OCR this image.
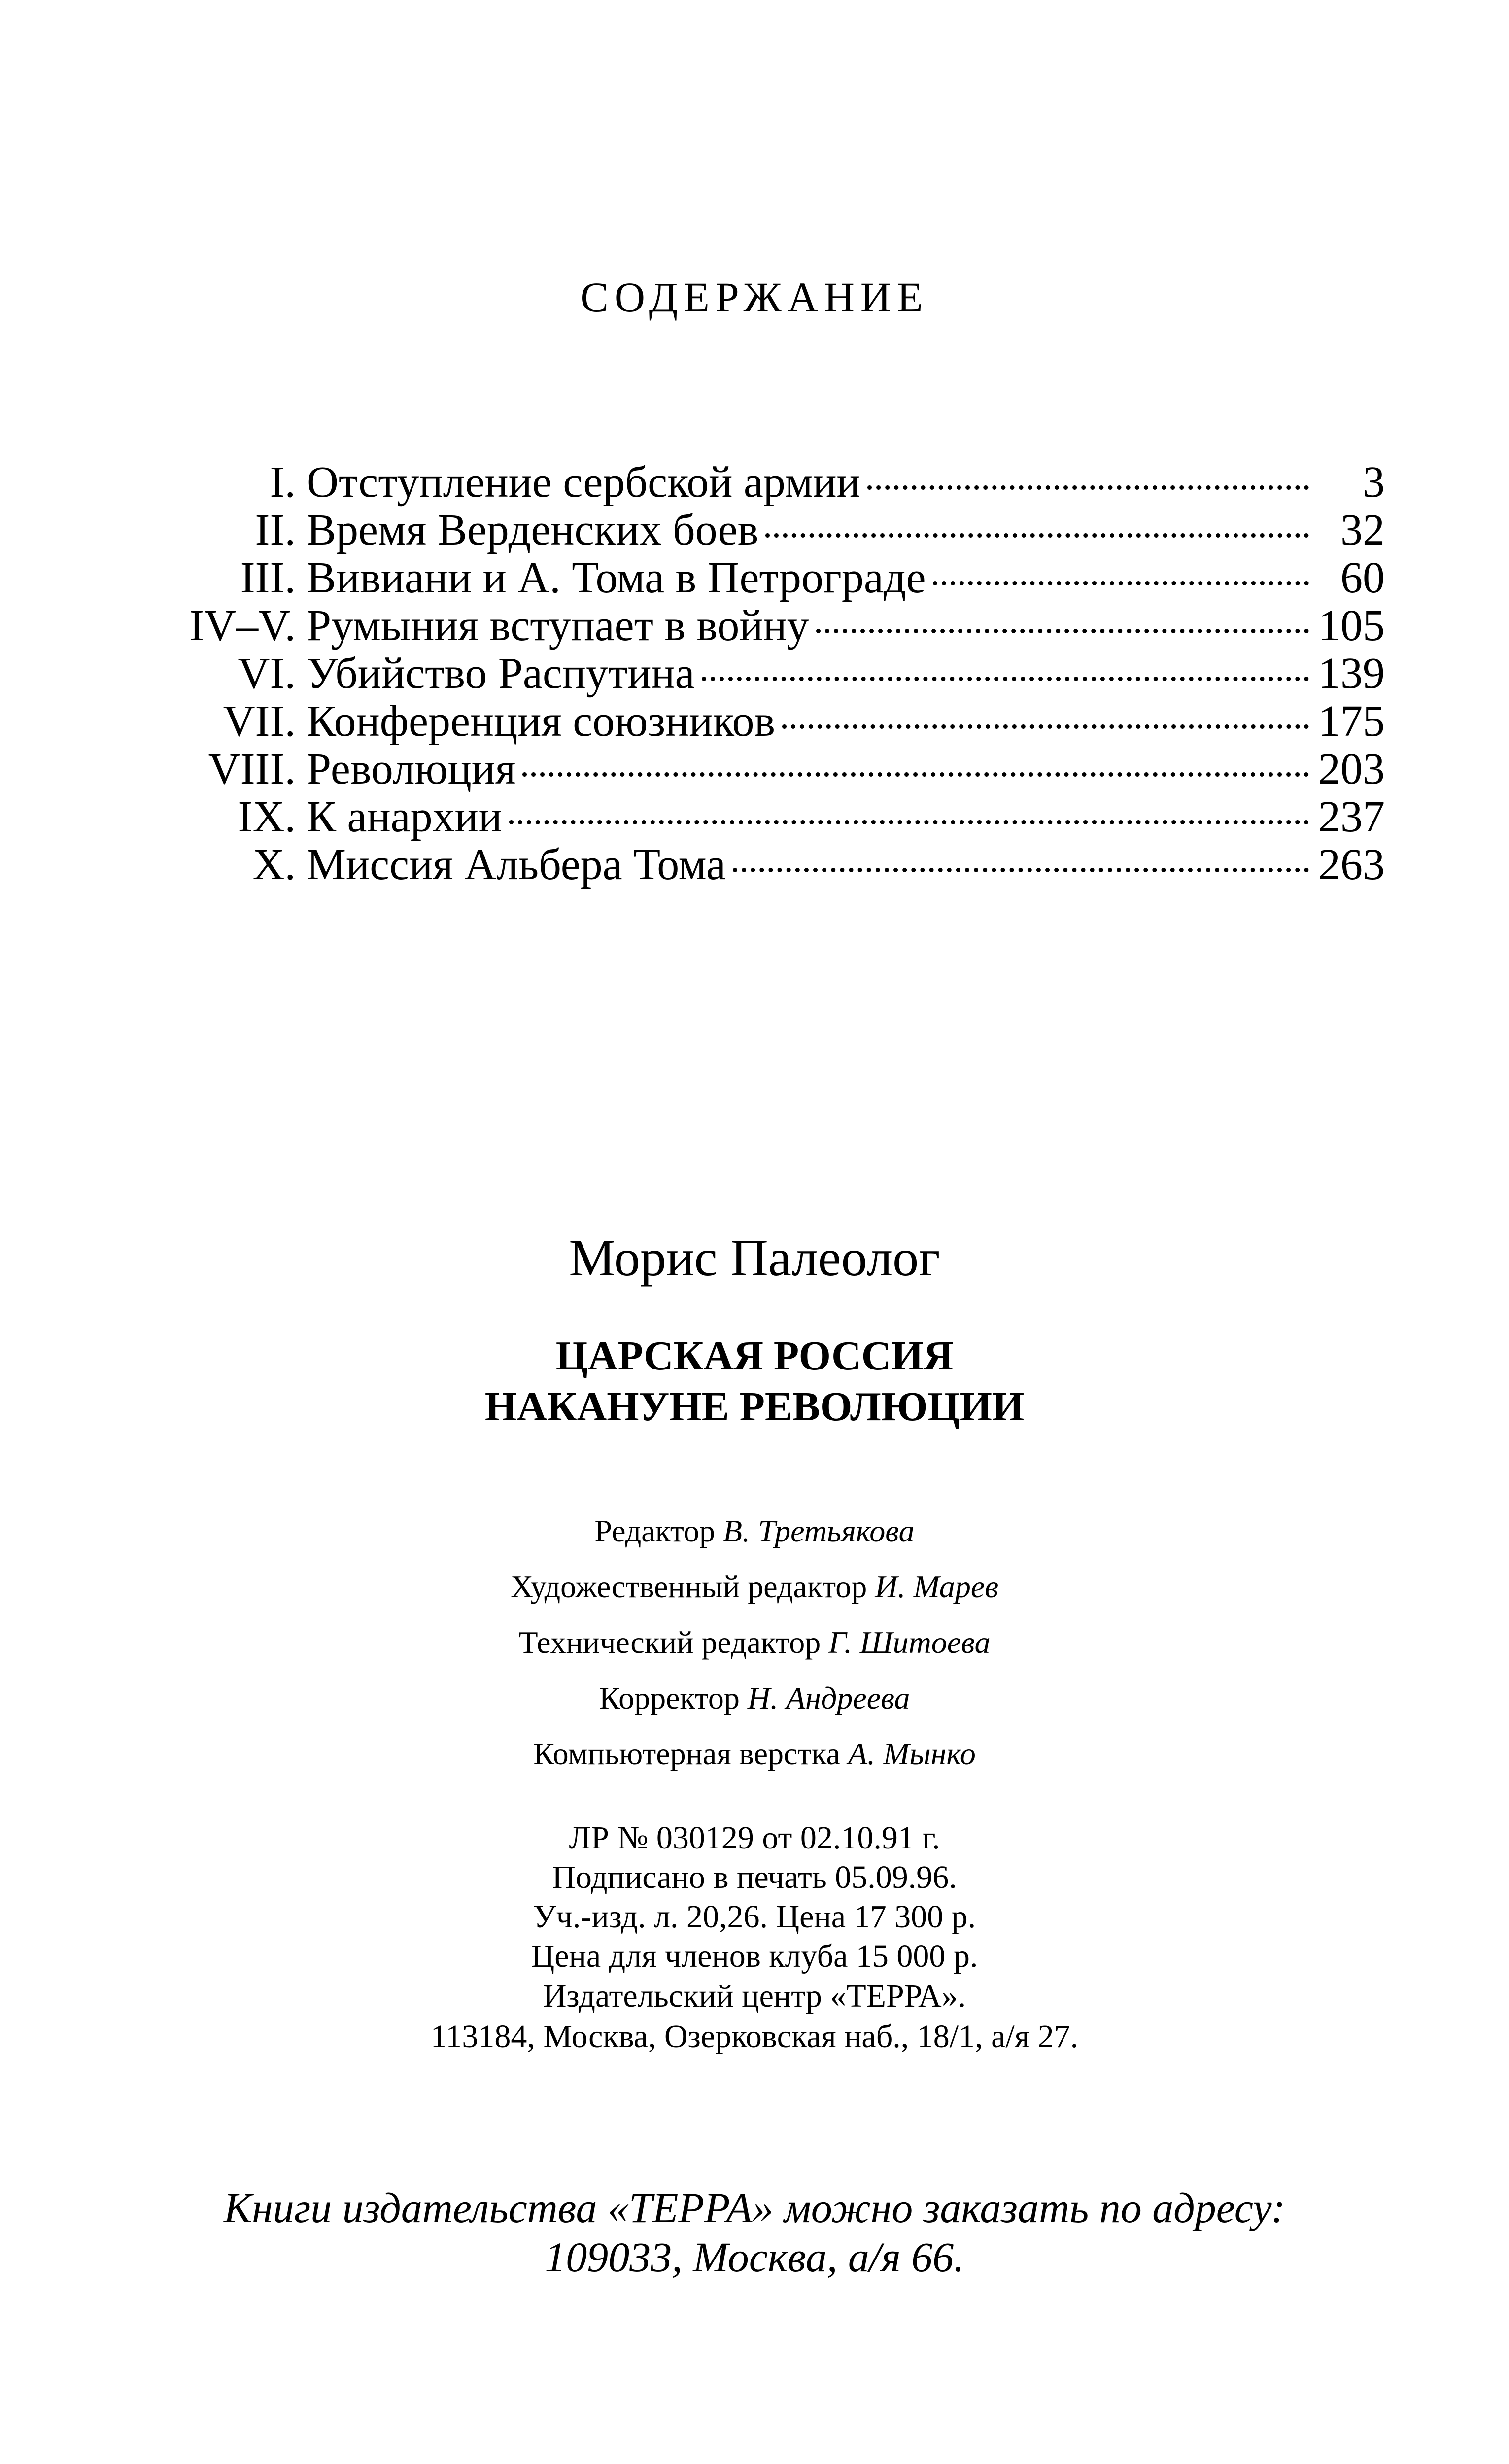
СОДЕРЖАНИЕ
I. Отступление сербской армии	3
II. Время Верденских боев	32
III. Вивиани и А. Тома в Петрограде	60
IV–V. Румыния вступает в войну	105
VI. Убийство Распутина	139
VII. Конференция союзников	175
VIII. Революция	203
IX. К анархии	237
X. Миссия Альбера Тома	263
Морис Палеолог
ЦАРСКАЯ РОССИЯ
НАКАНУНЕ РЕВОЛЮЦИИ
Редактор В. Третьякова
Художественный редактор И. Марев
Технический редактор Г. Шитоева
Корректор Н. Андреева
Компьютерная верстка А. Мынко
ЛР № 030129 от 02.10.91 г.
Подписано в печать 05.09.96.
Уч.-изд. л. 20,26. Цена 17 300 р.
Цена для членов клуба 15 000 р.
Издательский центр «ТЕРРА».
113184, Москва, Озерковская наб., 18/1, а/я 27.
Книги издательства «ТЕРРА» можно заказать по адресу:
109033, Москва, а/я 66.
